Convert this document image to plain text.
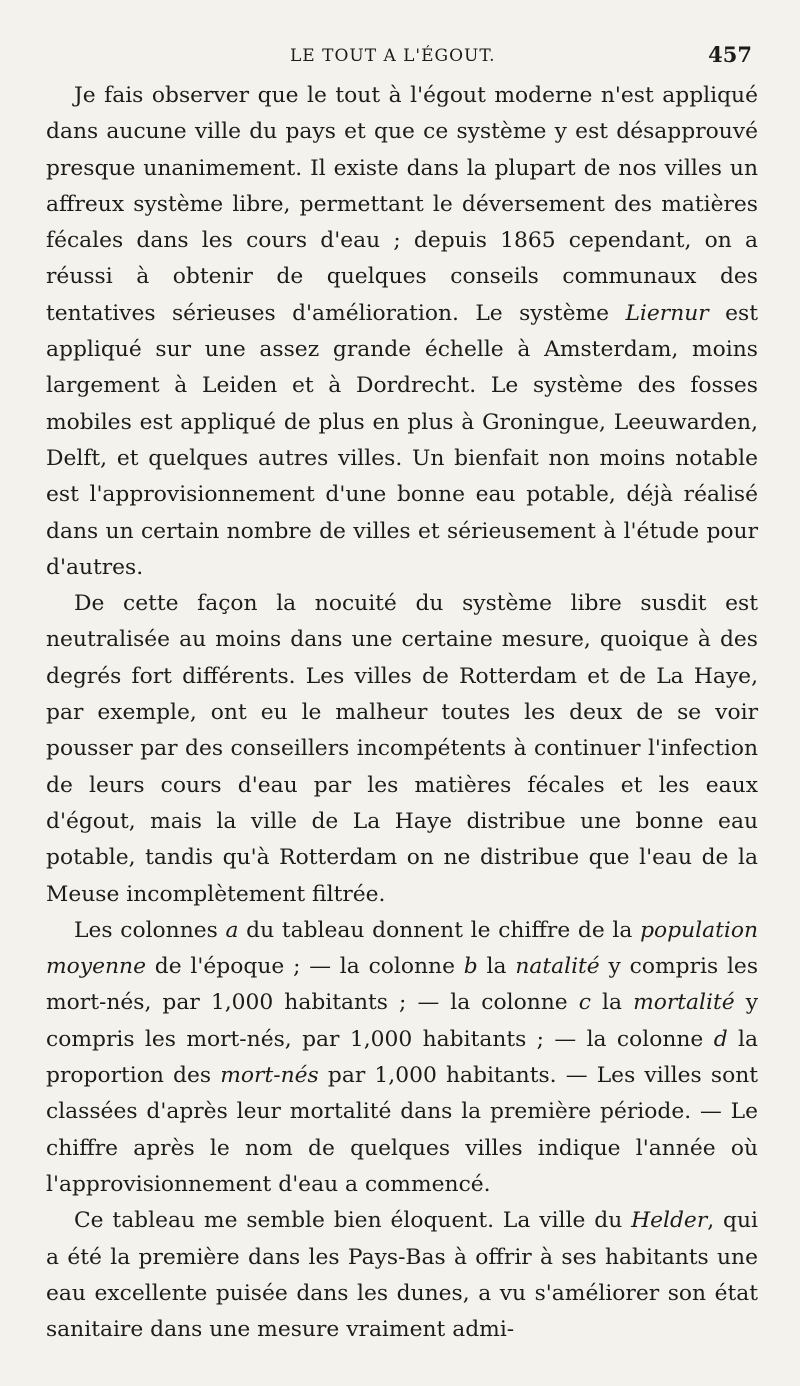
LE TOUT A L'ÉGOUT.	457

Je fais observer que le tout à l'égout moderne n'est appliqué dans aucune ville du pays et que ce système y est désapprouvé presque unanimement. Il existe dans la plupart de nos villes un affreux système libre, permettant le déversement des matières fécales dans les cours d'eau ; depuis 1865 cependant, on a réussi à obtenir de quelques conseils communaux des tentatives sérieuses d'amélioration. Le système Liernur est appliqué sur une assez grande échelle à Amsterdam, moins largement à Leiden et à Dordrecht. Le système des fosses mobiles est appliqué de plus en plus à Groningue, Leeuwarden, Delft, et quelques autres villes. Un bienfait non moins notable est l'approvisionnement d'une bonne eau potable, déjà réalisé dans un certain nombre de villes et sérieusement à l'étude pour d'autres.

De cette façon la nocuité du système libre susdit est neutralisée au moins dans une certaine mesure, quoique à des degrés fort différents. Les villes de Rotterdam et de La Haye, par exemple, ont eu le malheur toutes les deux de se voir pousser par des conseillers incompétents à continuer l'infection de leurs cours d'eau par les matières fécales et les eaux d'égout, mais la ville de La Haye distribue une bonne eau potable, tandis qu'à Rotterdam on ne distribue que l'eau de la Meuse incomplètement filtrée.

Les colonnes a du tableau donnent le chiffre de la population moyenne de l'époque ; — la colonne b la natalité y compris les mort-nés, par 1,000 habitants ; — la colonne c la mortalité y compris les mort-nés, par 1,000 habitants ; — la colonne d la proportion des mort-nés par 1,000 habitants. — Les villes sont classées d'après leur mortalité dans la première période. — Le chiffre après le nom de quelques villes indique l'année où l'approvisionnement d'eau a commencé.

Ce tableau me semble bien éloquent. La ville du Helder, qui a été la première dans les Pays-Bas à offrir à ses habitants une eau excellente puisée dans les dunes, a vu s'améliorer son état sanitaire dans une mesure vraiment admi-
